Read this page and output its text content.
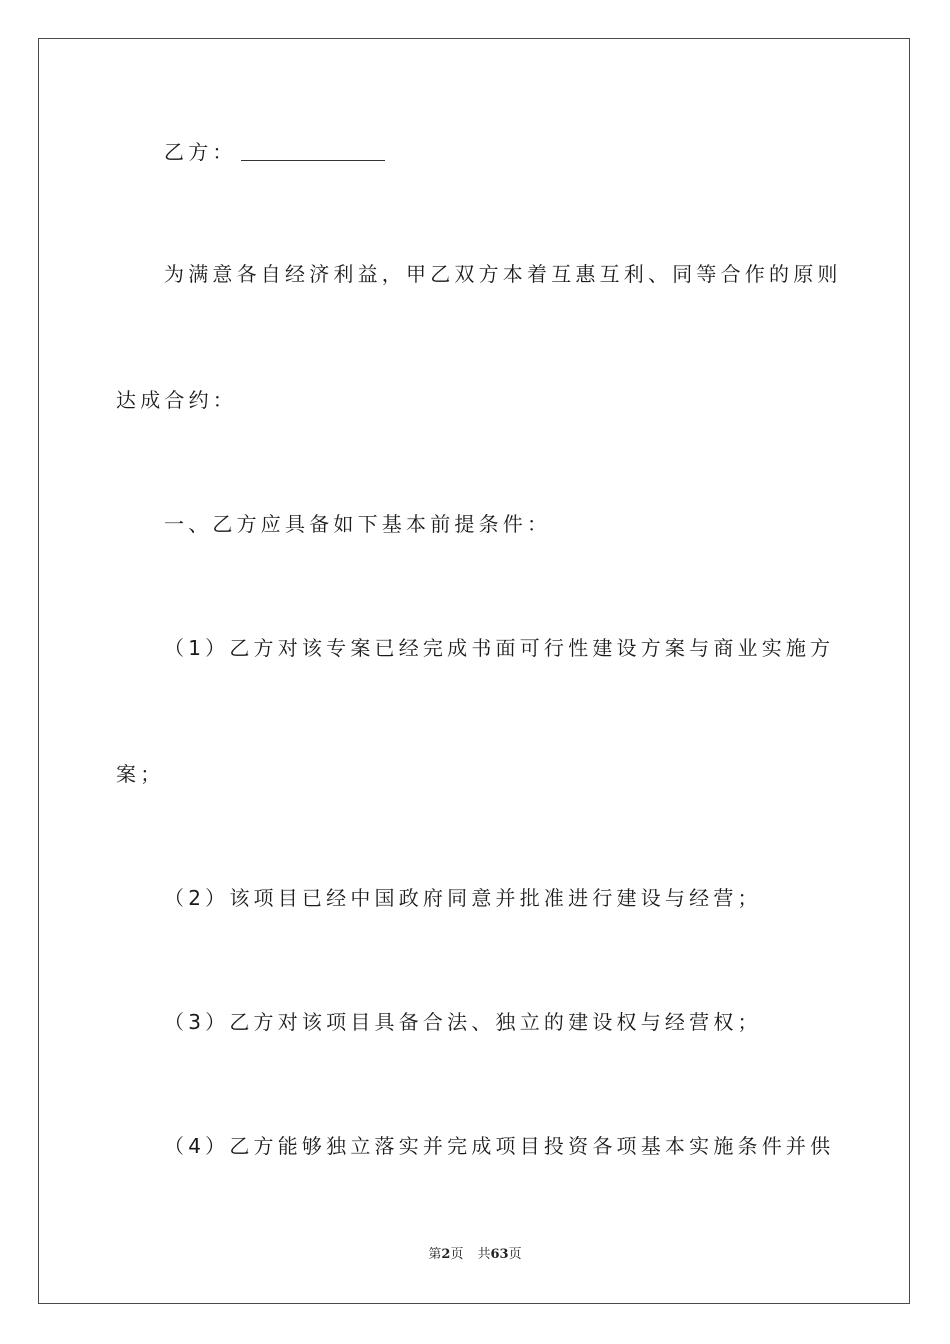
乙方：
为满意各自经济利益，甲乙双方本着互惠互利、同等合作的原则
达成合约：
一、乙方应具备如下基本前提条件：
（1）乙方对该专案已经完成书面可行性建设方案与商业实施方
案；
（2）该项目已经中国政府同意并批准进行建设与经营；
（3）乙方对该项目具备合法、独立的建设权与经营权；
（4）乙方能够独立落实并完成项目投资各项基本实施条件并供
第2页 共63页
